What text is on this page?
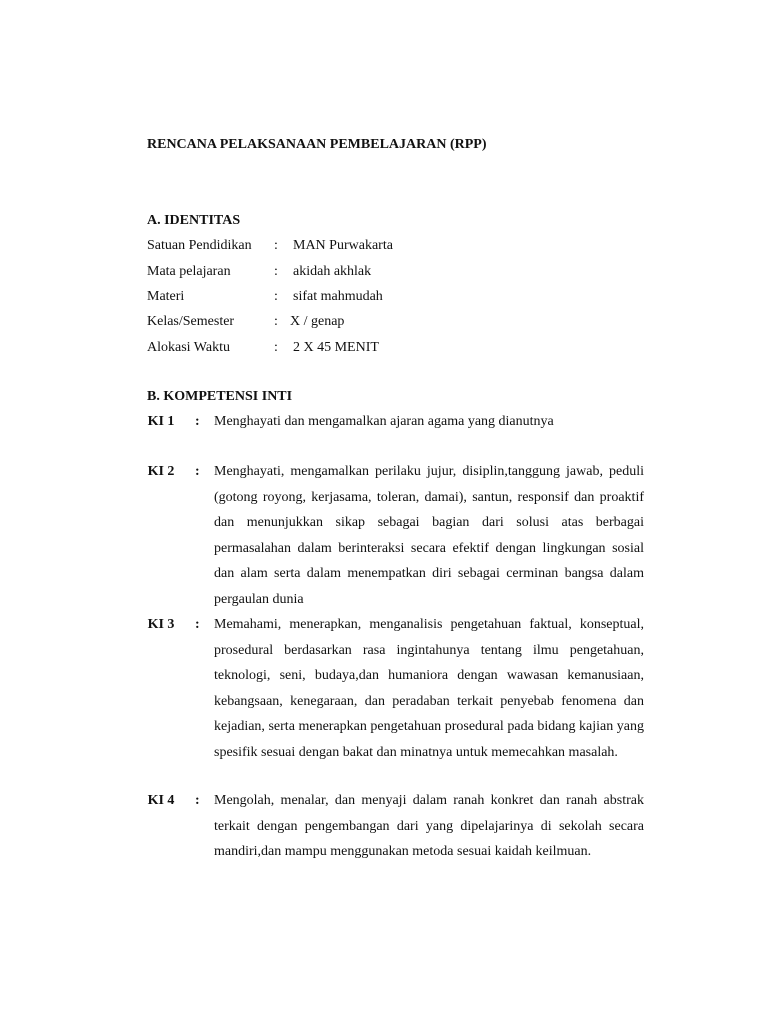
RENCANA PELAKSANAAN PEMBELAJARAN (RPP)
A. IDENTITAS
Satuan Pendidikan : MAN Purwakarta
Mata pelajaran	: akidah akhlak
Materi	: sifat mahmudah
Kelas/Semester	: X / genap
Alokasi Waktu	: 2 X 45 MENIT
B. KOMPETENSI INTI
KI 1 : Menghayati dan mengamalkan ajaran agama yang dianutnya

KI 2 : Menghayati, mengamalkan perilaku jujur, disiplin,tanggung jawab, peduli (gotong royong, kerjasama, toleran, damai), santun, responsif dan proaktif dan menunjukkan sikap sebagai bagian dari solusi atas berbagai permasalahan dalam berinteraksi secara efektif dengan lingkungan sosial dan alam serta dalam menempatkan diri sebagai cerminan bangsa dalam pergaulan dunia

KI 3 : Memahami, menerapkan, menganalisis pengetahuan faktual, konseptual, prosedural berdasarkan rasa ingintahunya tentang ilmu pengetahuan, teknologi, seni, budaya,dan humaniora dengan wawasan kemanusiaan, kebangsaan, kenegaraan, dan peradaban terkait penyebab fenomena dan kejadian, serta menerapkan pengetahuan prosedural pada bidang kajian yang spesifik sesuai dengan bakat dan minatnya untuk memecahkan masalah.

KI 4 : Mengolah, menalar, dan menyaji dalam ranah konkret dan ranah abstrak terkait dengan pengembangan dari yang dipelajarinya di sekolah secara mandiri,dan mampu menggunakan metoda sesuai kaidah keilmuan.
